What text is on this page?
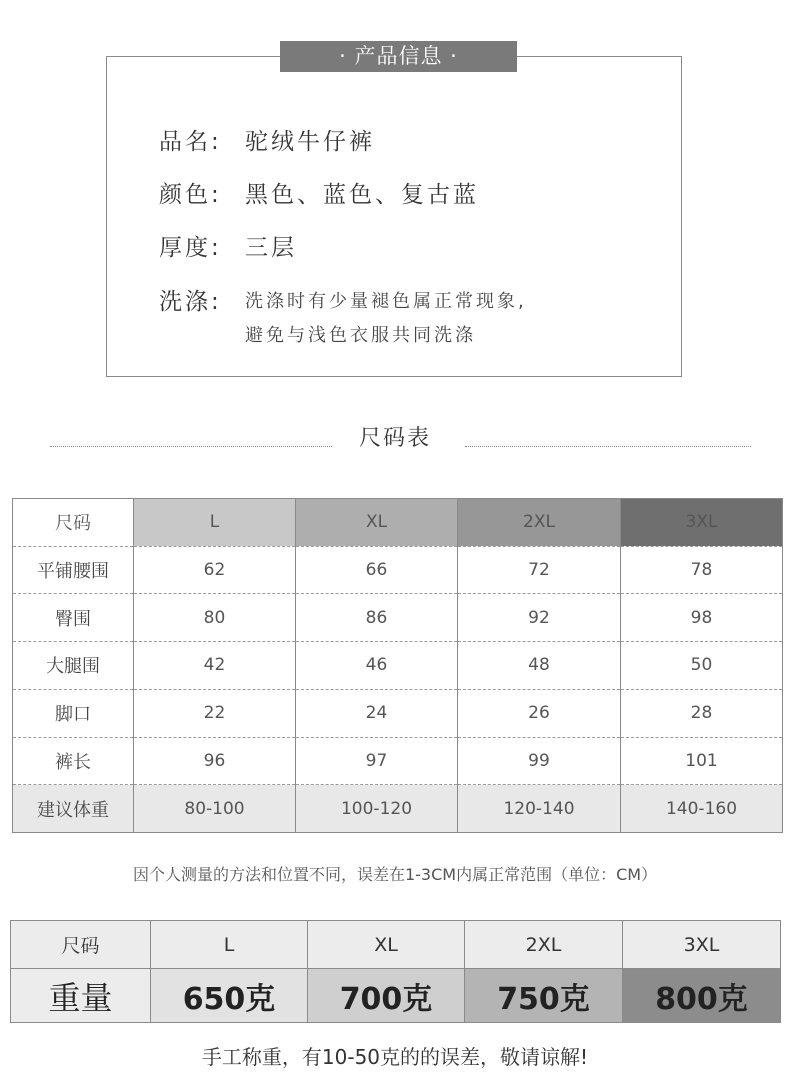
· 产品信息 ·
品名: 驼绒牛仔裤
颜色: 黑色、蓝色、复古蓝
厚度: 三层
洗涤:	洗涤时有少量褪色属正常现象,
避免与浅色衣服共同洗涤
尺码表
尺码	L	XL	2XL	3XL
平铺腰围	62	66	72	78
臀围	80	86	92	98
大腿围	42	46	48	50
脚口	22	24	26	28
裤长	96	97	99	101
建议体重	80-100	100-120	120-140	140-160
因个人测量的方法和位置不同，误差在1-3CM内属正常范围（单位：CM）
尺码	L	XL	2XL	3XL
重量	650克	700克	750克	800克
手工称重，有10-50克的的误差，敬请谅解!
